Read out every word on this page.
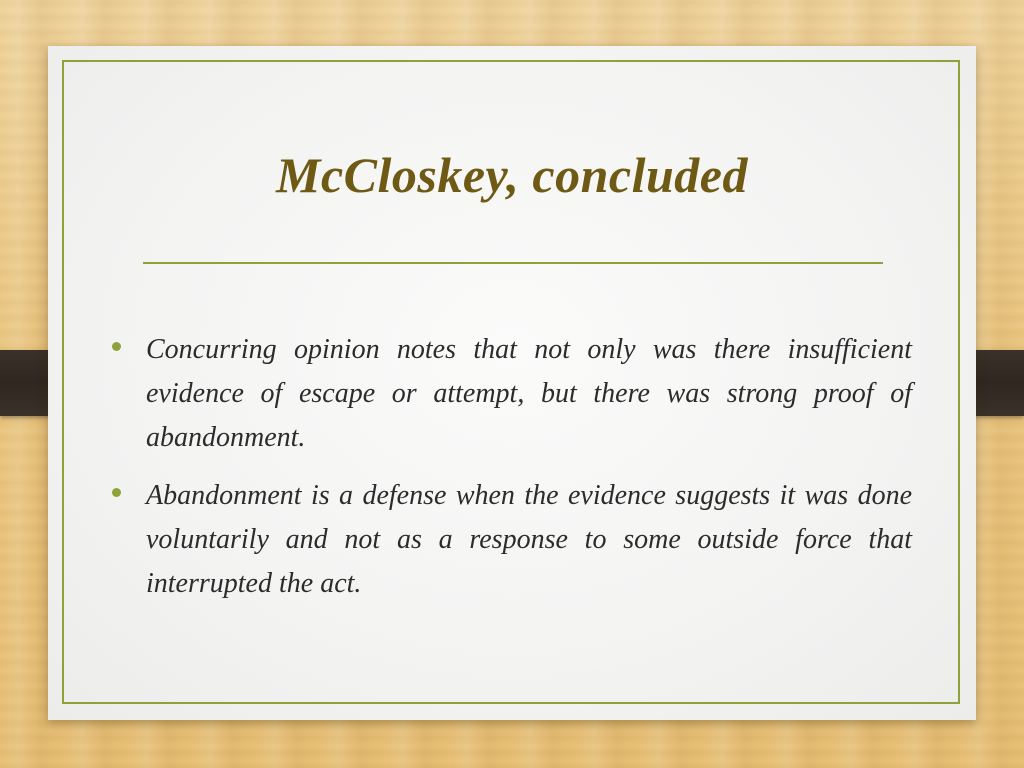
McCloskey, concluded
Concurring opinion notes that not only was there insufficient evidence of escape or attempt, but there was strong proof of abandonment.
Abandonment is a defense when the evidence suggests it was done voluntarily and not as a response to some outside force that interrupted the act.
